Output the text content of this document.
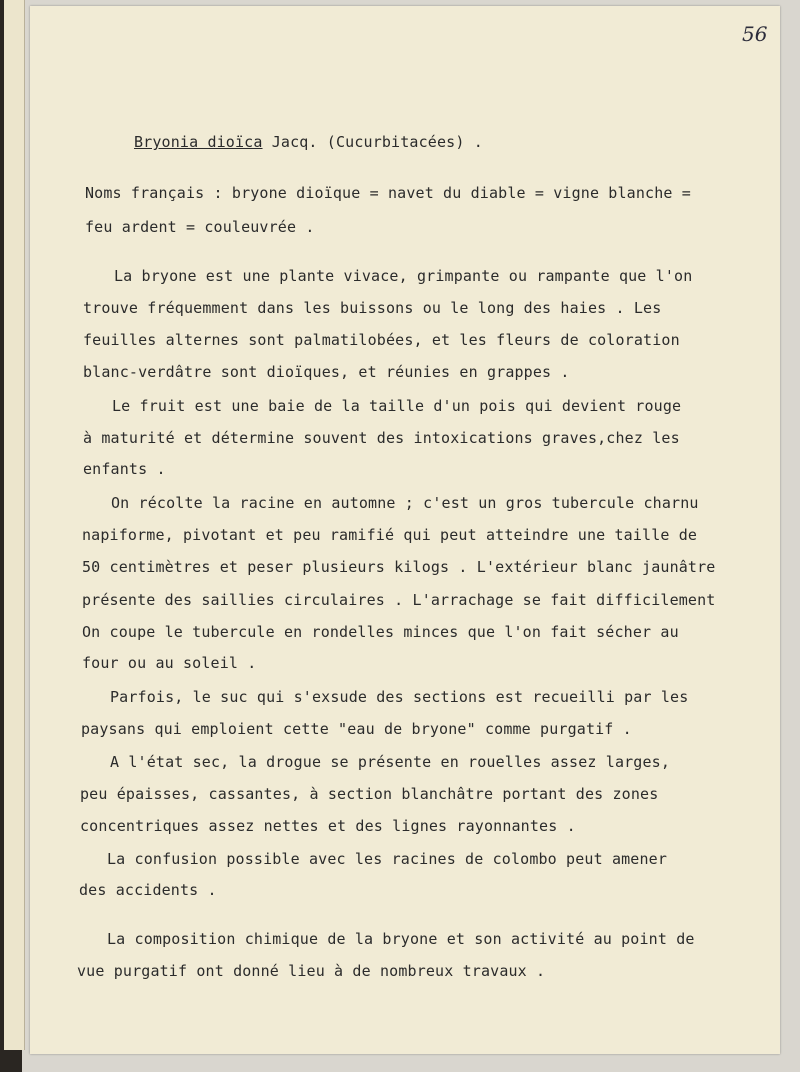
56
Bryonia dioïca Jacq. (Cucurbitacées) .
Noms français : bryone dioïque = navet du diable = vigne blanche =
feu ardent = couleuvrée .
La bryone est une plante vivace, grimpante ou rampante que l'on
trouve fréquemment dans les buissons ou le long des haies . Les
feuilles alternes sont palmatilobées, et les fleurs de coloration
blanc-verdâtre sont dioïques, et réunies en grappes .
Le fruit est une baie de la taille d'un pois qui devient rouge
à maturité et détermine souvent des intoxications graves,chez les
enfants .
On récolte la racine en automne ; c'est un gros tubercule charnu
napiforme, pivotant et peu ramifié qui peut atteindre une taille de
50 centimètres et peser plusieurs kilogs . L'extérieur blanc jaunâtre
présente des saillies circulaires . L'arrachage se fait difficilement
On coupe le tubercule en rondelles minces que l'on fait sécher au
four ou au soleil .
Parfois, le suc qui s'exsude des sections est recueilli par les
paysans qui emploient cette "eau de bryone" comme purgatif .
A l'état sec, la drogue se présente en rouelles assez larges,
peu épaisses, cassantes, à section blanchâtre portant des zones
concentriques assez nettes et des lignes rayonnantes .
La confusion possible avec les racines de colombo peut amener
des accidents .
La composition chimique de la bryone et son activité au point de
vue purgatif ont donné lieu à de nombreux travaux .
